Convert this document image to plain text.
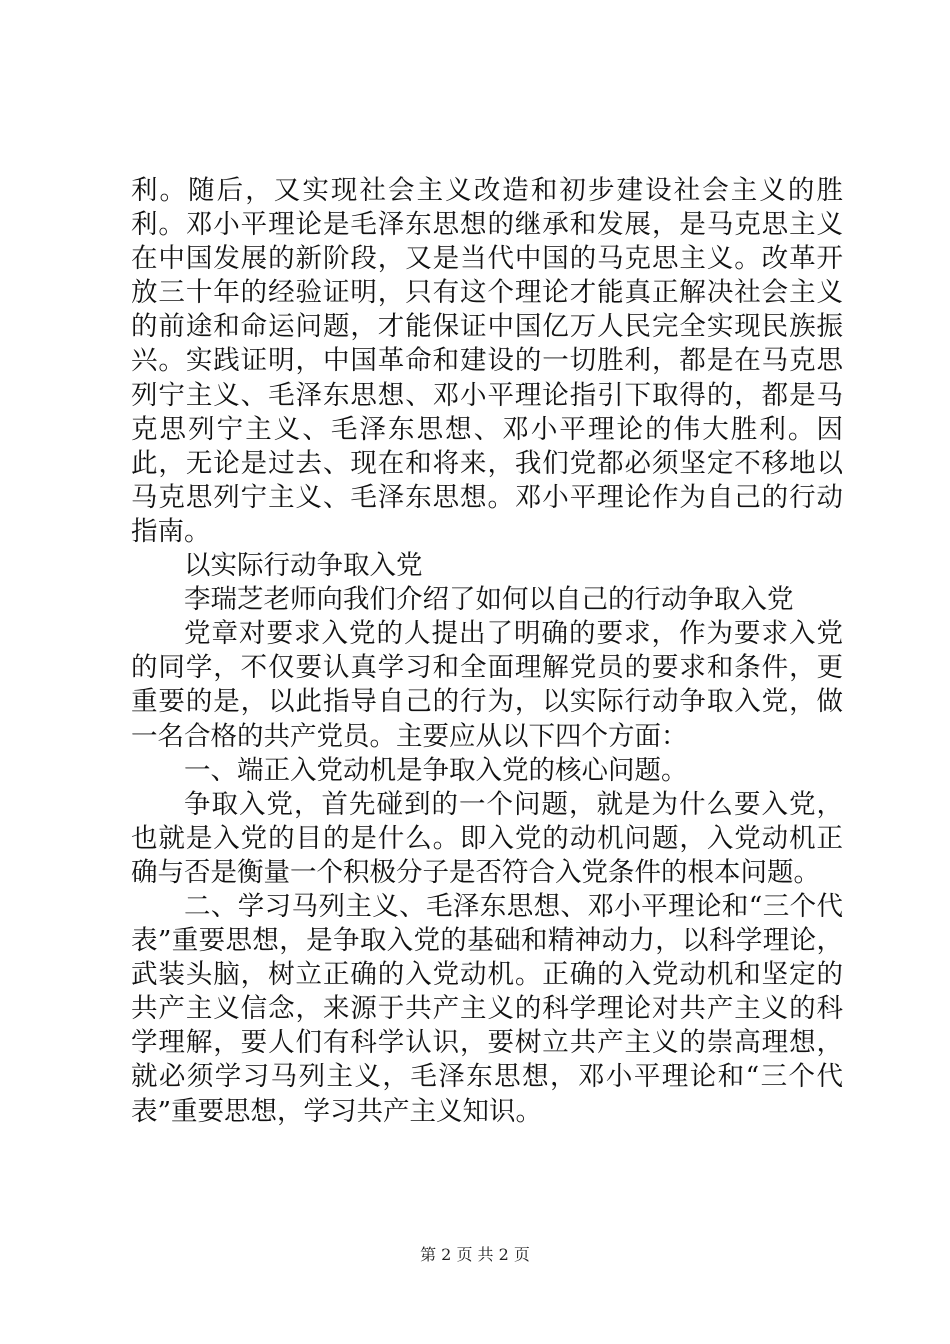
利。随后，又实现社会主义改造和初步建设社会主义的胜利。邓小平理论是毛泽东思想的继承和发展，是马克思主义在中国发展的新阶段，又是当代中国的马克思主义。改革开放三十年的经验证明，只有这个理论才能真正解决社会主义的前途和命运问题，才能保证中国亿万人民完全实现民族振兴。实践证明，中国革命和建设的一切胜利，都是在马克思列宁主义、毛泽东思想、邓小平理论指引下取得的，都是马克思列宁主义、毛泽东思想、邓小平理论的伟大胜利。因此，无论是过去、现在和将来，我们党都必须坚定不移地以马克思列宁主义、毛泽东思想。邓小平理论作为自己的行动指南。

以实际行动争取入党

李瑞芝老师向我们介绍了如何以自己的行动争取入党

党章对要求入党的人提出了明确的要求，作为要求入党的同学，不仅要认真学习和全面理解党员的要求和条件，更重要的是，以此指导自己的行为，以实际行动争取入党，做一名合格的共产党员。主要应从以下四个方面：

一、端正入党动机是争取入党的核心问题。

争取入党，首先碰到的一个问题，就是为什么要入党，也就是入党的目的是什么。即入党的动机问题，入党动机正确与否是衡量一个积极分子是否符合入党条件的根本问题。

二、学习马列主义、毛泽东思想、邓小平理论和“三个代表”重要思想，是争取入党的基础和精神动力，以科学理论，武装头脑，树立正确的入党动机。正确的入党动机和坚定的共产主义信念，来源于共产主义的科学理论对共产主义的科学理解，要人们有科学认识，要树立共产主义的崇高理想，就必须学习马列主义，毛泽东思想，邓小平理论和“三个代表”重要思想，学习共产主义知识。

第 2 页 共 2 页
